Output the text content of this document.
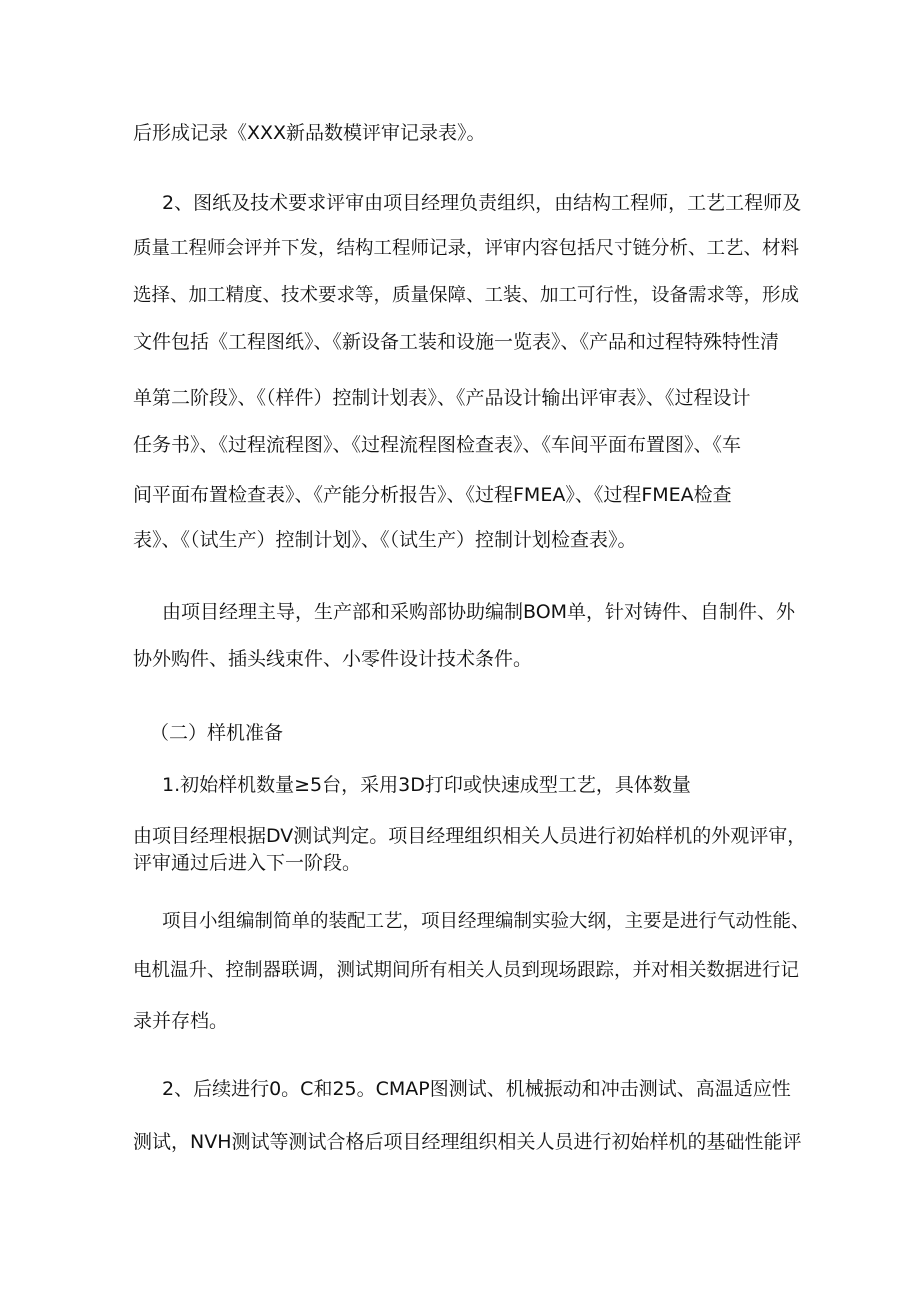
后形成记录《XXX新品数模评审记录表》。
2、图纸及技术要求评审由项目经理负责组织，由结构工程师，工艺工程师及
质量工程师会评并下发，结构工程师记录，评审内容包括尺寸链分析、工艺、材料
选择、加工精度、技术要求等，质量保障、工装、加工可行性，设备需求等，形成
文件包括《工程图纸》、《新设备工装和设施一览表》、《产品和过程特殊特性清
单第二阶段》、《（样件）控制计划表》、《产品设计输出评审表》、《过程设计
任务书》、《过程流程图》、《过程流程图检查表》、《车间平面布置图》、《车
间平面布置检查表》、《产能分析报告》、《过程FMEA》、《过程FMEA检查
表》、《（试生产）控制计划》、《（试生产）控制计划检查表》。
由项目经理主导，生产部和采购部协助编制BOM单，针对铸件、自制件、外
协外购件、插头线束件、小零件设计技术条件。
（二）样机准备
1.初始样机数量≥5台，采用3D打印或快速成型工艺，具体数量
由项目经理根据DV测试判定。项目经理组织相关人员进行初始样机的外观评审，
评审通过后进入下一阶段。
项目小组编制简单的装配工艺，项目经理编制实验大纲，主要是进行气动性能、
电机温升、控制器联调，测试期间所有相关人员到现场跟踪，并对相关数据进行记
录并存档。
2、后续进行0。C和25。CMAP图测试、机械振动和冲击测试、高温适应性
测试，NVH测试等测试合格后项目经理组织相关人员进行初始样机的基础性能评
